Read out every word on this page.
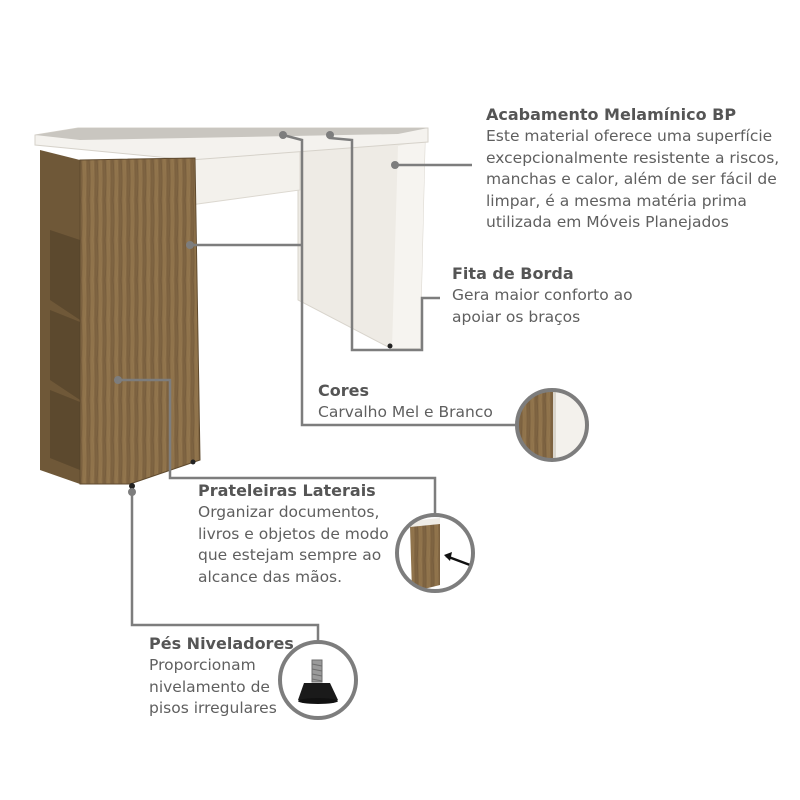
Acabamento Melamínico BP
Este material oferece uma superfície
excepcionalmente resistente a riscos,
manchas e calor, além de ser fácil de
limpar, é a mesma matéria prima
utilizada em Móveis Planejados
Fita de Borda
Gera maior conforto ao
apoiar os braços
Cores
Carvalho Mel e Branco
Prateleiras Laterais
Organizar documentos,
livros e objetos de modo
que estejam sempre ao
alcance das mãos.
Pés Niveladores
Proporcionam
nivelamento de
pisos irregulares
